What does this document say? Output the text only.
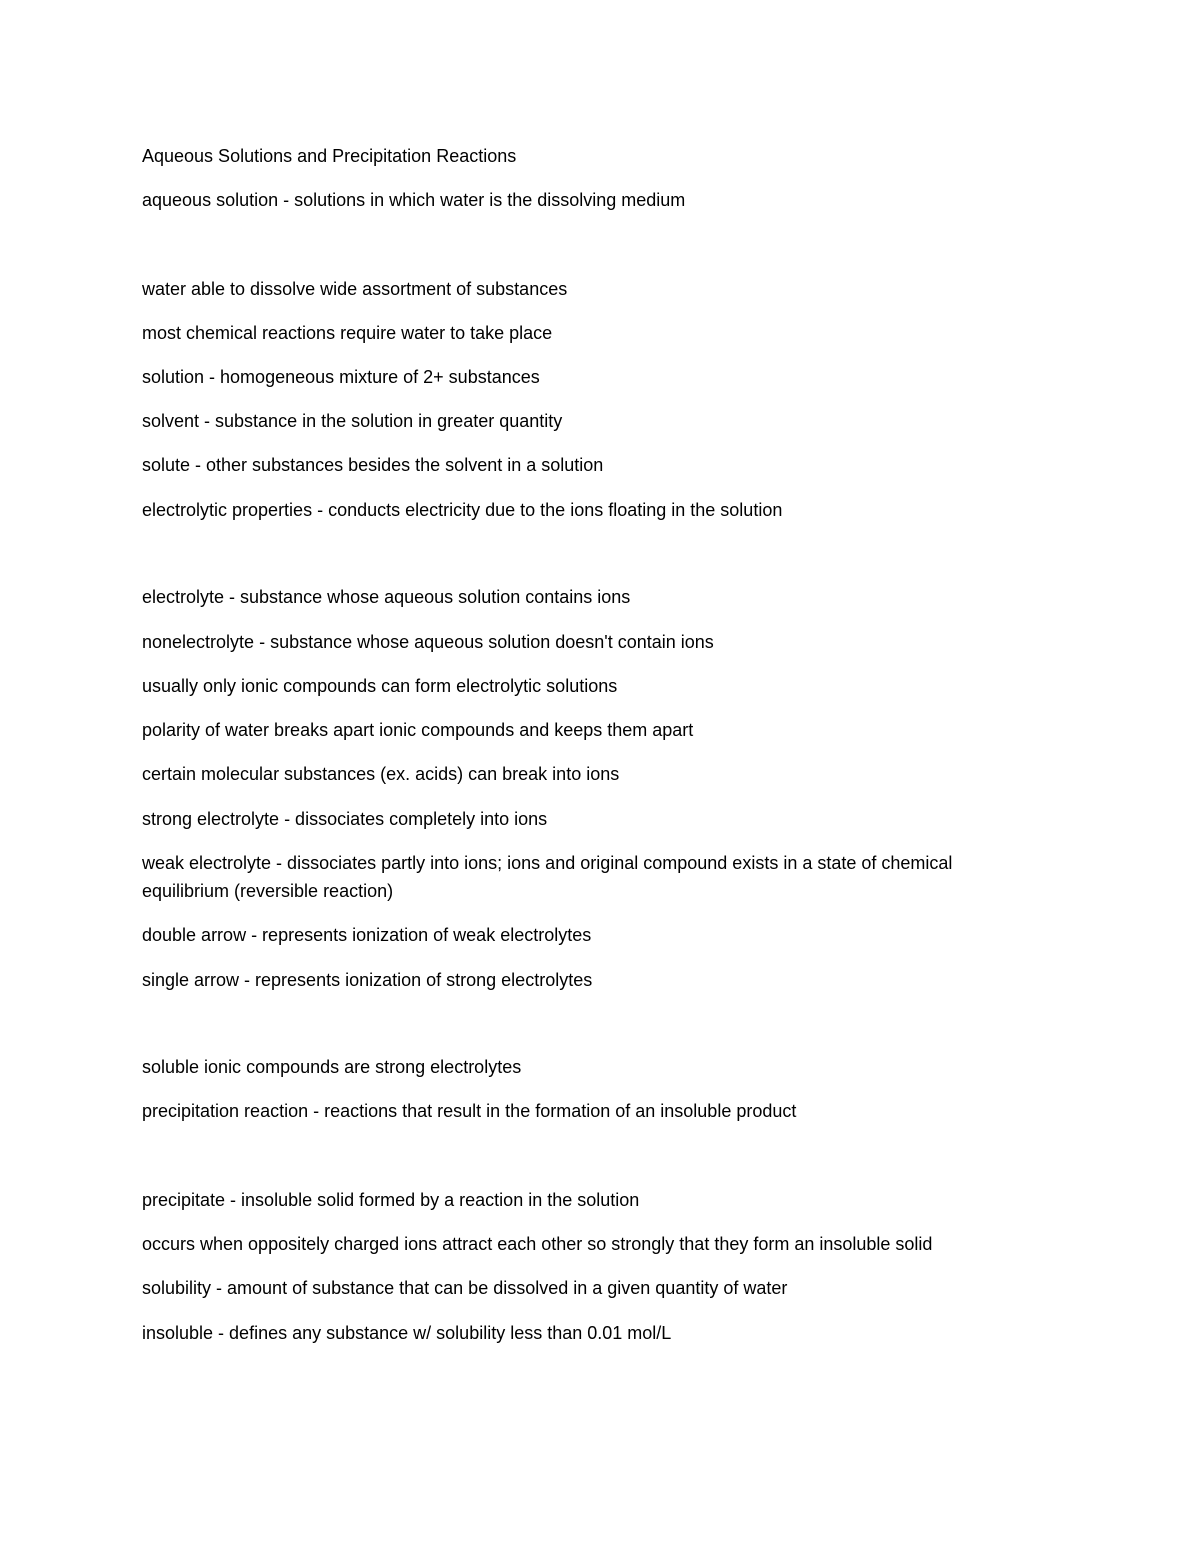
Aqueous Solutions and Precipitation Reactions
aqueous solution - solutions in which water is the dissolving medium
water able to dissolve wide assortment of substances
most chemical reactions require water to take place
solution - homogeneous mixture of 2+ substances
solvent - substance in the solution in greater quantity
solute - other substances besides the solvent in a solution
electrolytic properties - conducts electricity due to the ions floating in the solution
electrolyte - substance whose aqueous solution contains ions
nonelectrolyte - substance whose aqueous solution doesn't contain ions
usually only ionic compounds can form electrolytic solutions
polarity of water breaks apart ionic compounds and keeps them apart
certain molecular substances (ex. acids) can break into ions
strong electrolyte - dissociates completely into ions
weak electrolyte - dissociates partly into ions; ions and original compound exists in a state of chemical equilibrium (reversible reaction)
double arrow - represents ionization of weak electrolytes
single arrow - represents ionization of strong electrolytes
soluble ionic compounds are strong electrolytes
precipitation reaction - reactions that result in the formation of an insoluble product
precipitate - insoluble solid formed by a reaction in the solution
occurs when oppositely charged ions attract each other so strongly that they form an insoluble solid
solubility - amount of substance that can be dissolved in a given quantity of water
insoluble - defines any substance w/ solubility less than 0.01 mol/L
